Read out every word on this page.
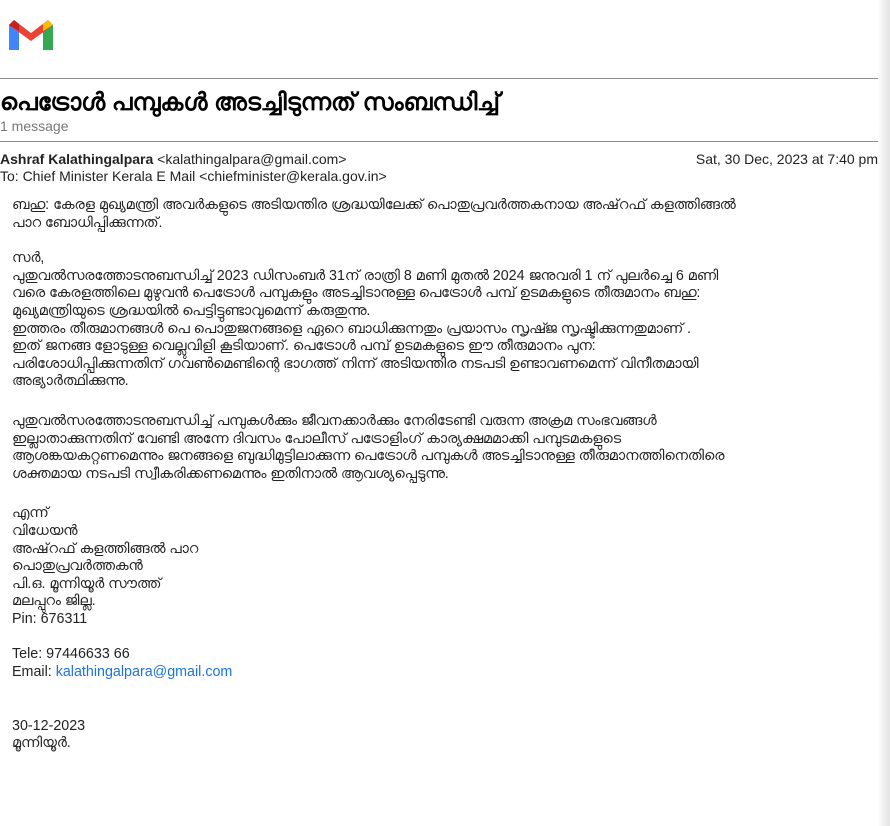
പെട്രോൾ പമ്പുകൾ അടച്ചിടുന്നത് സംബന്ധിച്ച്
1 message
Ashraf Kalathingalpara <kalathingalpara@gmail.com>	Sat, 30 Dec, 2023 at 7:40 pm
To: Chief Minister Kerala E Mail <chiefminister@kerala.gov.in>

ബഹു: കേരള മുഖ്യമന്ത്രി അവർകളുടെ അടിയന്തിര ശ്രദ്ധയിലേക്ക് പൊതുപ്രവർത്തകനായ അഷ്‌റഫ് കളത്തിങ്ങൽ
പാറ ബോധിപ്പിക്കുന്നത്.

സർ,

പുതുവൽസരത്തോടനുബന്ധിച്ച് 2023 ഡിസംബർ 31ന് രാത്രി 8 മണി മുതൽ 2024 ജനുവരി 1 ന് പുലർച്ചെ 6 മണി
വരെ കേരളത്തിലെ മുഴുവൻ പെട്രോൾ പമ്പുകളും അടച്ചിടാനുള്ള പെട്രോൾ പമ്പ് ഉടമകളുടെ തീരുമാനം ബഹു:
മുഖ്യമന്ത്രിയുടെ ശ്രദ്ധയിൽ പെട്ടിട്ടുണ്ടാവുമെന്ന് കരുതുന്നു.
ഇത്തരം തീരുമാനങ്ങൾ പെ പൊതുജനങ്ങളെ ഏറെ ബാധിക്കുന്നതും പ്രയാസം സൃഷ്ജ സൃഷ്ടിക്കുന്നതുമാണ് .
ഇത് ജനങ്ങ ളോടുള്ള വെല്ലുവിളി കൂടിയാണ്. പെട്രോൾ പമ്പ് ഉടമകളുടെ ഈ തീരുമാനം പുന:
പരിശോധിപ്പിക്കുന്നതിന് ഗവൺമെണ്ടിന്റെ ഭാഗത്ത് നിന്ന് അടിയന്തിര നടപടി ഉണ്ടാവണമെന്ന് വിനീതമായി
അഭ്യാർത്ഥിക്കുന്നു.

പുതുവൽസരത്തോടനുബന്ധിച്ച് പമ്പുകൾക്കും ജീവനക്കാർക്കും നേരിടേണ്ടി വരുന്ന അക്രമ സംഭവങ്ങൾ
ഇല്ലാതാക്കുന്നതിന് വേണ്ടി അന്നേ ദിവസം പോലീസ് പട്രോളിംഗ് കാര്യക്ഷമമാക്കി പമ്പുടമകളുടെ
ആശങ്കയകറ്റണമെന്നും ജനങ്ങളെ ബുദ്ധിമുട്ടിലാക്കുന്ന പെട്രോൾ പമ്പുകൾ അടച്ചിടാനുള്ള തീരുമാനത്തിനെതിരെ
ശക്തമായ നടപടി സ്വീകരിക്കണമെന്നും ഇതിനാൽ ആവശ്യപ്പെടുന്നു.

എന്ന്
വിധേയൻ
അഷ്‌റഫ് കളത്തിങ്ങൽ പാറ
പൊതുപ്രവർത്തകൻ
പി.ഒ. മൂന്നിയൂർ സൗത്ത്
മലപ്പുറം ജില്ല.
Pin: 676311

Tele: 97446633 66

Email: kalathingalpara@gmail.com

30-12-2023

മൂന്നിയൂർ.
